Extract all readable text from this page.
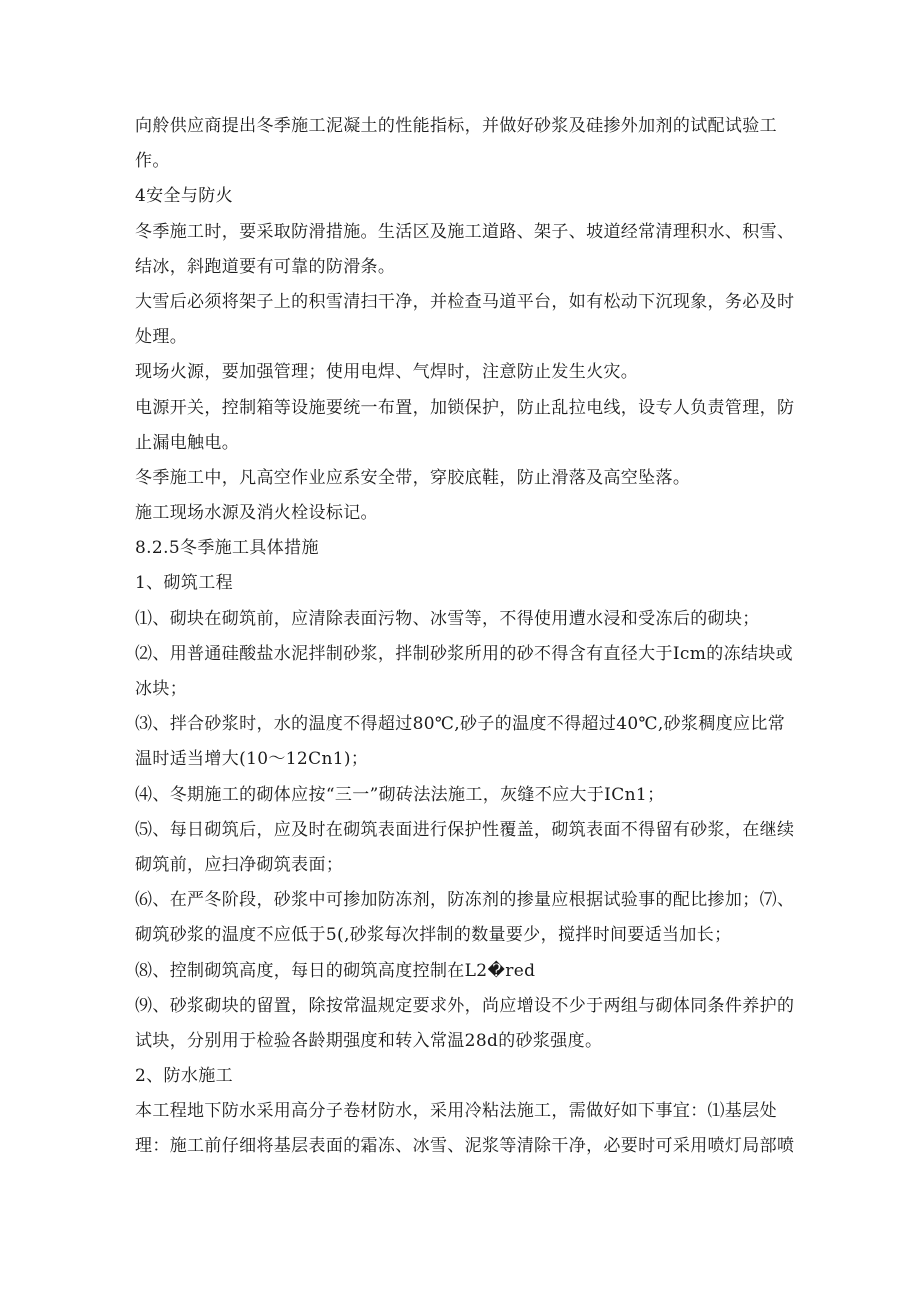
向舲供应商提出冬季施工泥凝土的性能指标，并做好砂浆及硅掺外加剂的试配试验工
作。
4安全与防火
冬季施工时，要采取防滑措施。生活区及施工道路、架子、坡道经常清理积水、积雪、
结冰，斜跑道要有可靠的防滑条。
大雪后必须将架子上的积雪清扫干净，并检查马道平台，如有松动下沉现象，务必及时
处理。
现场火源，要加强管理；使用电焊、气焊时，注意防止发生火灾。
电源开关，控制箱等设施要统一布置，加锁保护，防止乱拉电线，设专人负责管理，防
止漏电触电。
冬季施工中，凡高空作业应系安全带，穿胶底鞋，防止滑落及高空坠落。
施工现场水源及消火栓设标记。
8.2.5冬季施工具体措施
1、砌筑工程
⑴、砌块在砌筑前，应清除表面污物、冰雪等，不得使用遭水浸和受冻后的砌块；
⑵、用普通硅酸盐水泥拌制砂浆，拌制砂浆所用的砂不得含有直径大于Icm的冻结块或
冰块；
⑶、拌合砂浆时，水的温度不得超过80℃,砂子的温度不得超过40℃,砂浆稠度应比常
温时适当增大(10～12Cn1)；
⑷、冬期施工的砌体应按“三一”砌砖法法施工，灰缝不应大于ICn1；
⑸、每日砌筑后，应及时在砌筑表面进行保护性覆盖，砌筑表面不得留有砂浆，在继续
砌筑前，应扫净砌筑表面；
⑹、在严冬阶段，砂浆中可掺加防冻剂，防冻剂的掺量应根据试验事的配比掺加；⑺、
砌筑砂浆的温度不应低于5(,砂浆每次拌制的数量要少，搅拌时间要适当加长；
⑻、控制砌筑高度，每日的砌筑高度控制在L2�red
⑼、砂浆砌块的留置，除按常温规定要求外，尚应增设不少于两组与砌体同条件养护的
试块，分别用于检验各龄期强度和转入常温28d的砂浆强度。
2、防水施工
本工程地下防水采用高分子卷材防水，采用冷粘法施工，需做好如下事宜：⑴基层处
理：施工前仔细将基层表面的霜冻、冰雪、泥浆等清除干净，必要时可采用喷灯局部喷
